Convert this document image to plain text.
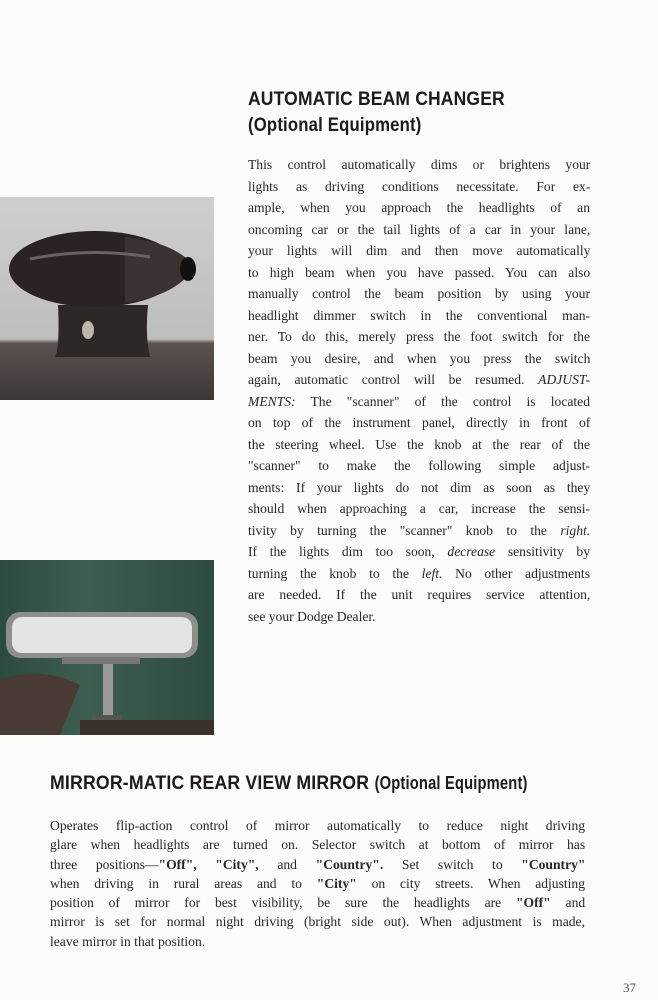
AUTOMATIC BEAM CHANGER
(Optional Equipment)
This control automatically dims or brightens your
lights as driving conditions necessitate. For ex-
ample, when you approach the headlights of an
oncoming car or the tail lights of a car in your lane,
your lights will dim and then move automatically
to high beam when you have passed. You can also
manually control the beam position by using your
headlight dimmer switch in the conventional man-
ner. To do this, merely press the foot switch for the
beam you desire, and when you press the switch
again, automatic control will be resumed. ADJUST-
MENTS: The "scanner" of the control is located
on top of the instrument panel, directly in front of
the steering wheel. Use the knob at the rear of the
"scanner" to make the following simple adjust-
ments: If your lights do not dim as soon as they
should when approaching a car, increase the sensi-
tivity by turning the "scanner" knob to the right.
If the lights dim too soon, decrease sensitivity by
turning the knob to the left. No other adjustments
are needed. If the unit requires service attention,
see your Dodge Dealer.
MIRROR-MATIC REAR VIEW MIRROR (Optional Equipment)
Operates flip-action control of mirror automatically to reduce night driving
glare when headlights are turned on. Selector switch at bottom of mirror has
three positions—"Off", "City", and "Country". Set switch to "Country"
when driving in rural areas and to "City" on city streets. When adjusting
position of mirror for best visibility, be sure the headlights are "Off" and
mirror is set for normal night driving (bright side out). When adjustment is made,
leave mirror in that position.
37
